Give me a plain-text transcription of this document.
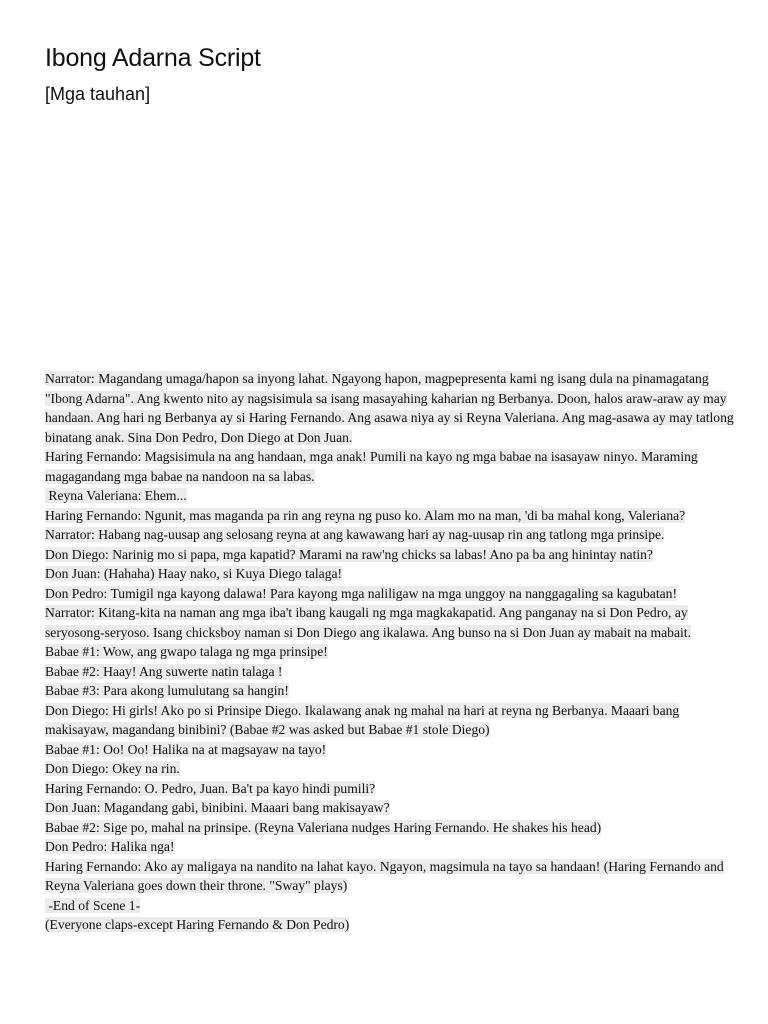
Ibong Adarna Script
[Mga tauhan]

Narrator: Magandang umaga/hapon sa inyong lahat. Ngayong hapon, magpepresenta kami ng isang dula na pinamagatang "Ibong Adarna". Ang kwento nito ay nagsisimula sa isang masayahing kaharian ng Berbanya. Doon, halos araw-araw ay may handaan. Ang hari ng Berbanya ay si Haring Fernando. Ang asawa niya ay si Reyna Valeriana. Ang mag-asawa ay may tatlong binatang anak. Sina Don Pedro, Don Diego at Don Juan.

Haring Fernando: Magsisimula na ang handaan, mga anak! Pumili na kayo ng mga babae na isasayaw ninyo. Maraming magagandang mga babae na nandoon na sa labas.

Reyna Valeriana: Ehem...

Haring Fernando: Ngunit, mas maganda pa rin ang reyna ng puso ko. Alam mo na man, 'di ba mahal kong, Valeriana?

Narrator: Habang nag-uusap ang selosang reyna at ang kawawang hari ay nag-uusap rin ang tatlong mga prinsipe.

Don Diego: Narinig mo si papa, mga kapatid? Marami na raw'ng chicks sa labas! Ano pa ba ang hinintay natin?

Don Juan: (Hahaha) Haay nako, si Kuya Diego talaga!

Don Pedro: Tumigil nga kayong dalawa! Para kayong mga naliligaw na mga unggoy na nanggagaling sa kagubatan!

Narrator: Kitang-kita na naman ang mga iba't ibang kaugali ng mga magkakapatid. Ang panganay na si Don Pedro, ay seryosong-seryoso. Isang chicksboy naman si Don Diego ang ikalawa. Ang bunso na si Don Juan ay mabait na mabait.

Babae #1: Wow, ang gwapo talaga ng mga prinsipe!

Babae #2: Haay! Ang suwerte natin talaga !

Babae #3: Para akong lumulutang sa hangin!

Don Diego: Hi girls! Ako po si Prinsipe Diego. Ikalawang anak ng mahal na hari at reyna ng Berbanya. Maaari bang makisayaw, magandang binibini? (Babae #2 was asked but Babae #1 stole Diego)

Babae #1: Oo! Oo! Halika na at magsayaw na tayo!

Don Diego: Okey na rin.

Haring Fernando: O. Pedro, Juan. Ba't pa kayo hindi pumili?

Don Juan: Magandang gabi, binibini. Maaari bang makisayaw?

Babae #2: Sige po, mahal na prinsipe. (Reyna Valeriana nudges Haring Fernando. He shakes his head)

Don Pedro: Halika nga!

Haring Fernando: Ako ay maligaya na nandito na lahat kayo. Ngayon, magsimula na tayo sa handaan! (Haring Fernando and Reyna Valeriana goes down their throne. "Sway" plays)

-End of Scene 1-

(Everyone claps-except Haring Fernando & Don Pedro)
